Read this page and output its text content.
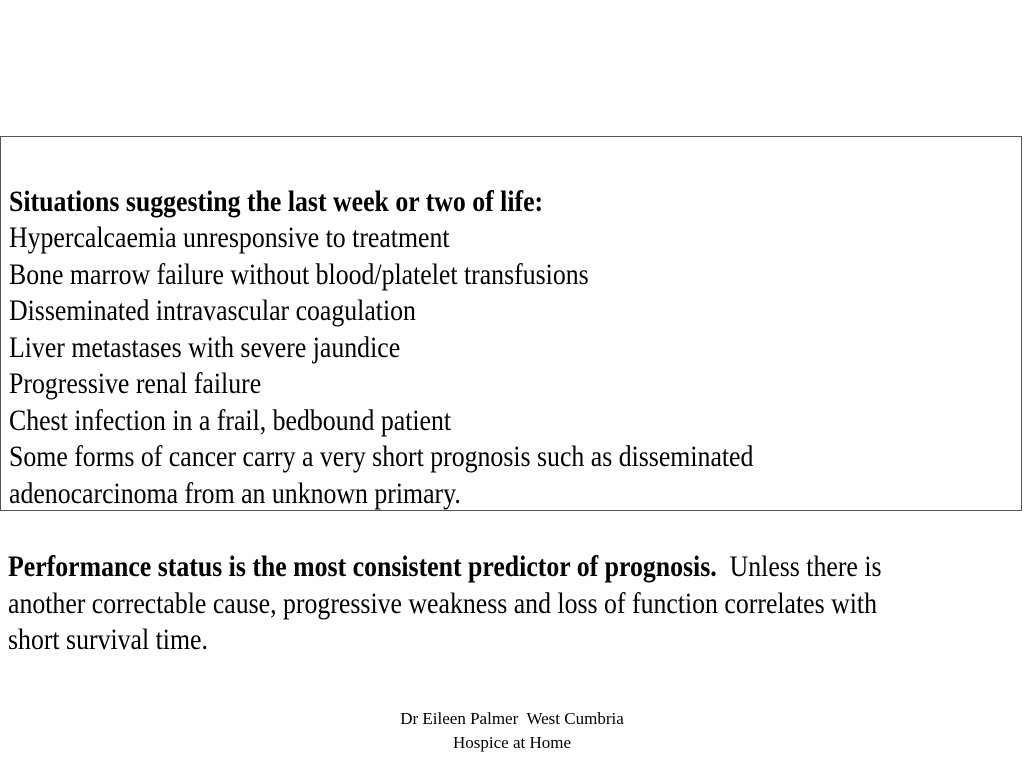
Situations suggesting the last week or two of life:
Hypercalcaemia unresponsive to treatment
Bone marrow failure without blood/platelet transfusions
Disseminated intravascular coagulation
Liver metastases with severe jaundice
Progressive renal failure
Chest infection in a frail, bedbound patient
Some forms of cancer carry a very short prognosis such as disseminated
adenocarcinoma from an unknown primary.
Performance status is the most consistent predictor of prognosis. Unless there is
another correctable cause, progressive weakness and loss of function correlates with
short survival time.
Dr Eileen Palmer  West Cumbria
Hospice at Home
